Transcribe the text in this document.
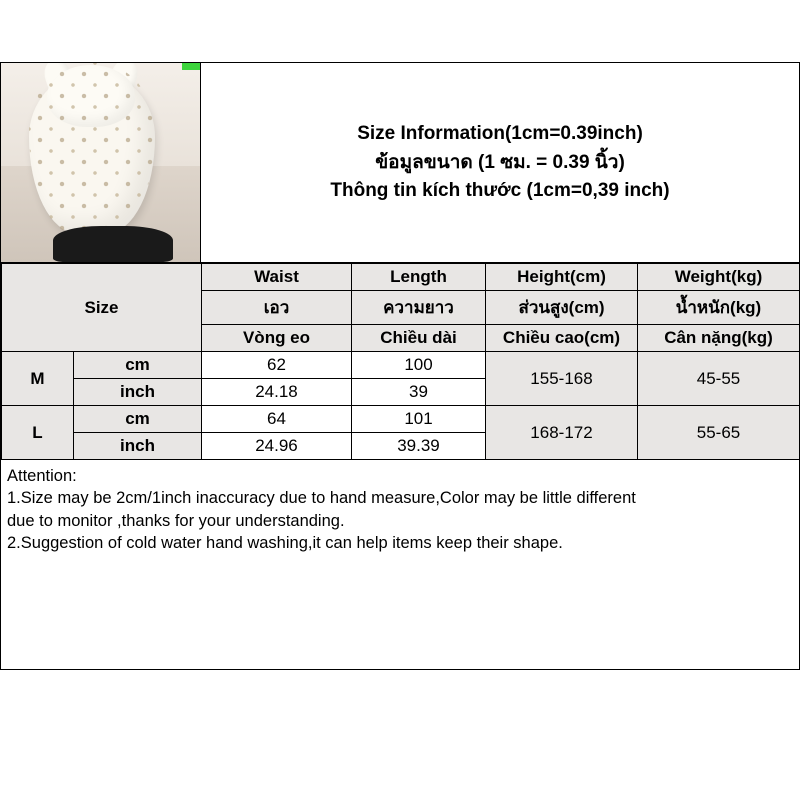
Size Information(1cm=0.39inch)
ข้อมูลขนาด (1 ซม. = 0.39 นิ้ว)
Thông tin kích thước (1cm=0,39 inch)
Size		Waist	Length	Height(cm)	Weight(kg)
		เอว	ความยาว	ส่วนสูง(cm)	น้ำหนัก(kg)
		Vòng eo	Chiều dài	Chiều cao(cm)	Cân nặng(kg)
M	cm	62	100	155-168	45-55
	inch	24.18	39		
L	cm	64	101	168-172	55-65
	inch	24.96	39.39		
Attention:
1.Size may be 2cm/1inch inaccuracy due to hand measure,Color may be little different
due to monitor ,thanks for your understanding.
2.Suggestion of cold water hand washing,it can help items keep their shape.
